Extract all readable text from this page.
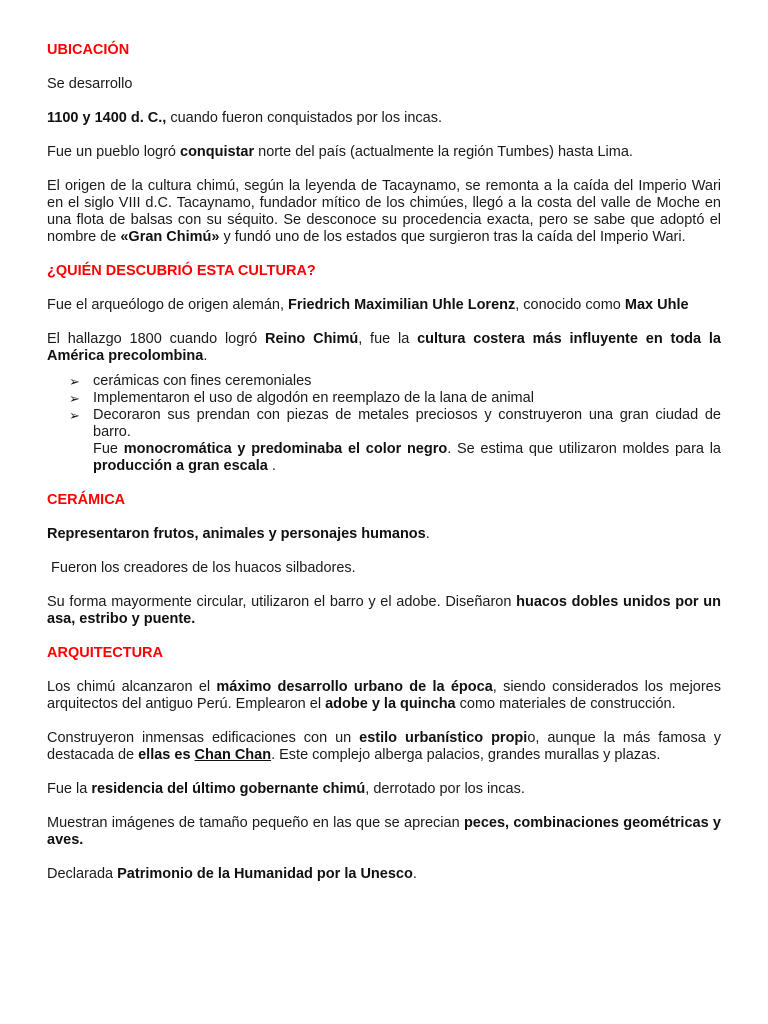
UBICACIÓN

Se desarrollo

1100 y 1400 d. C., cuando fueron conquistados por los incas.

Fue un pueblo logró conquistar norte del país (actualmente la región Tumbes) hasta Lima.

El origen de la cultura chimú, según la leyenda de Tacaynamo, se remonta a la caída del Imperio Wari en el siglo VIII d.C. Tacaynamo, fundador mítico de los chimúes, llegó a la costa del valle de Moche en una flota de balsas con su séquito. Se desconoce su procedencia exacta, pero se sabe que adoptó el nombre de «Gran Chimú» y fundó uno de los estados que surgieron tras la caída del Imperio Wari.

¿QUIÉN DESCUBRIÓ ESTA CULTURA?

Fue el arqueólogo de origen alemán, Friedrich Maximilian Uhle Lorenz, conocido como Max Uhle

El hallazgo 1800 cuando logró Reino Chimú, fue la cultura costera más influyente en toda la América precolombina.

➢ cerámicas con fines ceremoniales
➢ Implementaron el uso de algodón en reemplazo de la lana de animal
➢ Decoraron sus prendan con piezas de metales preciosos y construyeron una gran ciudad de barro.

Fue monocromática y predominaba el color negro. Se estima que utilizaron moldes para la producción a gran escala .

CERÁMICA

Representaron frutos, animales y personajes humanos.

Fueron los creadores de los huacos silbadores.

Su forma mayormente circular, utilizaron el barro y el adobe. Diseñaron huacos dobles unidos por un asa, estribo y puente.

ARQUITECTURA

Los chimú alcanzaron el máximo desarrollo urbano de la época, siendo considerados los mejores arquitectos del antiguo Perú. Emplearon el adobe y la quincha como materiales de construcción.

Construyeron inmensas edificaciones con un estilo urbanístico propio, aunque la más famosa y destacada de ellas es Chan Chan. Este complejo alberga palacios, grandes murallas y plazas.

Fue la residencia del último gobernante chimú, derrotado por los incas.

Muestran imágenes de tamaño pequeño en las que se aprecian peces, combinaciones geométricas y aves.

Declarada Patrimonio de la Humanidad por la Unesco.
